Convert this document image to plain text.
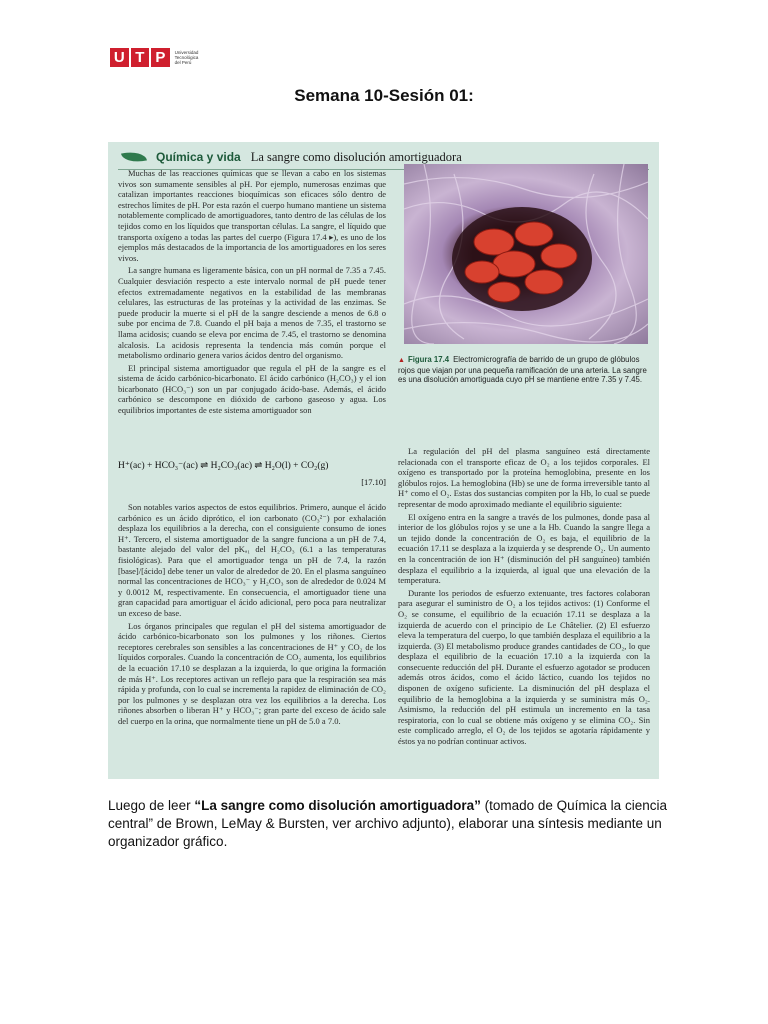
U T P	Universidad Tecnológica del Perú
Semana 10-Sesión 01:
Química y vida La sangre como disolución amortiguadora

Muchas de las reacciones químicas que se llevan a cabo en los sistemas vivos son sumamente sensibles al pH. Por ejemplo, numerosas enzimas que catalizan importantes reacciones bioquímicas son eficaces sólo dentro de estrechos límites de pH. Por esta razón el cuerpo humano mantiene un sistema notablemente complicado de amortiguadores, tanto dentro de las células de los tejidos como en los líquidos que transportan células. La sangre, el líquido que transporta oxígeno a todas las partes del cuerpo (Figura 17.4 ▸), es uno de los ejemplos más destacados de la importancia de los amortiguadores en los seres vivos.

La sangre humana es ligeramente básica, con un pH normal de 7.35 a 7.45. Cualquier desviación respecto a este intervalo normal de pH puede tener efectos extremadamente negativos en la estabilidad de las membranas celulares, las estructuras de las proteínas y la actividad de las enzimas. Se puede producir la muerte si el pH de la sangre desciende a menos de 6.8 o sube por encima de 7.8. Cuando el pH baja a menos de 7.35, el trastorno se llama acidosis; cuando se eleva por encima de 7.45, el trastorno se denomina alcalosis. La acidosis representa la tendencia más común porque el metabolismo ordinario genera varios ácidos dentro del organismo.

El principal sistema amortiguador que regula el pH de la sangre es el sistema de ácido carbónico-bicarbonato. El ácido carbónico (H₂CO₃) y el ion bicarbonato (HCO₃⁻) son un par conjugado ácido-base. Además, el ácido carbónico se descompone en dióxido de carbono gaseoso y agua. Los equilibrios importantes de este sistema amortiguador son

H⁺(ac) + HCO₃⁻(ac) ⇌ H₂CO₃(ac) ⇌ H₂O(l) + CO₂(g)
[17.10]

Son notables varios aspectos de estos equilibrios. Primero, aunque el ácido carbónico es un ácido diprótico, el ion carbonato (CO₃²⁻) por exhalación desplaza los equilibrios a la derecha, con el consiguiente consumo de iones H⁺. Tercero, el sistema amortiguador de la sangre funciona a un pH de 7.4, bastante alejado del valor del pKₐ₁ del H₂CO₃ (6.1 a las temperaturas fisiológicas). Para que el amortiguador tenga un pH de 7.4, la razón [base]/[ácido] debe tener un valor de alrededor de 20. En el plasma sanguíneo normal las concentraciones de HCO₃⁻ y H₂CO₃ son de alrededor de 0.024 M y 0.0012 M, respectivamente. En consecuencia, el amortiguador tiene una gran capacidad para amortiguar el ácido adicional, pero poca para neutralizar un exceso de base.

Los órganos principales que regulan el pH del sistema amortiguador de ácido carbónico-bicarbonato son los pulmones y los riñones. Ciertos receptores cerebrales son sensibles a las concentraciones de H⁺ y CO₂ de los líquidos corporales. Cuando la concentración de CO₂ aumenta, los equilibrios de la ecuación 17.10 se desplazan a la izquierda, lo que origina la formación de más H⁺. Los receptores activan un reflejo para que la respiración sea más rápida y profunda, con lo cual se incrementa la rapidez de eliminación de CO₂ por los pulmones y se desplazan otra vez los equilibrios a la derecha. Los riñones absorben o liberan H⁺ y HCO₃⁻; gran parte del exceso de ácido sale del cuerpo en la orina, que normalmente tiene un pH de 5.0 a 7.0.

▲ Figura 17.4 Electromicrografía de barrido de un grupo de glóbulos rojos que viajan por una pequeña ramificación de una arteria. La sangre es una disolución amortiguada cuyo pH se mantiene entre 7.35 y 7.45.

La regulación del pH del plasma sanguíneo está directamente relacionada con el transporte eficaz de O₂ a los tejidos corporales. El oxígeno es transportado por la proteína hemoglobina, presente en los glóbulos rojos. La hemoglobina (Hb) se une de forma irreversible tanto al H⁺ como el O₂. Estas dos sustancias compiten por la Hb, lo cual se puede representar de modo aproximado mediante el equilibrio siguiente:

El oxígeno entra en la sangre a través de los pulmones, donde pasa al interior de los glóbulos rojos y se une a la Hb. Cuando la sangre llega a un tejido donde la concentración de O₂ es baja, el equilibrio de la ecuación 17.11 se desplaza a la izquierda y se desprende O₂. Un aumento en la concentración de ion H⁺ (disminución del pH sanguíneo) también desplaza el equilibrio a la izquierda, al igual que una elevación de la temperatura.

Durante los periodos de esfuerzo extenuante, tres factores colaboran para asegurar el suministro de O₂ a los tejidos activos: (1) Conforme el O₂ se consume, el equilibrio de la ecuación 17.11 se desplaza a la izquierda de acuerdo con el principio de Le Châtelier. (2) El esfuerzo eleva la temperatura del cuerpo, lo que también desplaza el equilibrio a la izquierda. (3) El metabolismo produce grandes cantidades de CO₂, lo que desplaza el equilibrio de la ecuación 17.10 a la izquierda con la consecuente reducción del pH. Durante el esfuerzo agotador se producen además otros ácidos, como el ácido láctico, cuando los tejidos no disponen de oxígeno suficiente. La disminución del pH desplaza el equilibrio de la hemoglobina a la izquierda y se suministra más O₂. Asimismo, la reducción del pH estimula un incremento en la tasa respiratoria, con lo cual se obtiene más oxígeno y se elimina CO₂. Sin este complicado arreglo, el O₂ de los tejidos se agotaría rápidamente y éstos ya no podrían continuar activos.

Luego de leer “La sangre como disolución amortiguadora” (tomado de Química la ciencia central” de Brown, LeMay & Bursten, ver archivo adjunto), elaborar una síntesis mediante un organizador gráfico.
